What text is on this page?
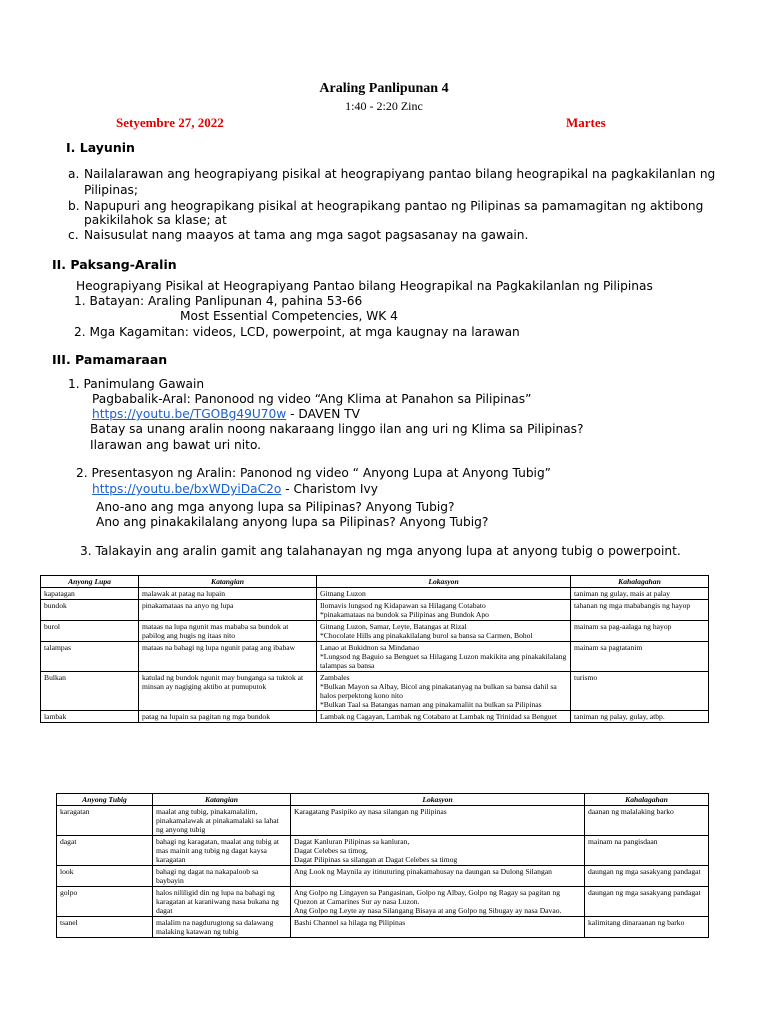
Araling Panlipunan 4
1:40 - 2:20 Zinc
Setyembre 27, 2022	Martes
I. Layunin
a. Nailalarawan ang heograpiyang pisikal at heograpiyang pantao bilang heograpikal na pagkakilanlan ng
Pilipinas;
b. Napupuri ang heograpikang pisikal at heograpikang pantao ng Pilipinas sa pamamagitan ng aktibong
pakikilahok sa klase; at
c. Naisusulat nang maayos at tama ang mga sagot pagsasanay na gawain.
II. Paksang-Aralin
Heograpiyang Pisikal at Heograpiyang Pantao bilang Heograpikal na Pagkakilanlan ng Pilipinas
1. Batayan: Araling Panlipunan 4, pahina 53-66
Most Essential Competencies, WK 4
2. Mga Kagamitan: videos, LCD, powerpoint, at mga kaugnay na larawan
III. Pamamaraan
1. Panimulang Gawain
Pagbabalik-Aral: Panonood ng video “Ang Klima at Panahon sa Pilipinas”
https://youtu.be/TGOBg49U70w - DAVEN TV
Batay sa unang aralin noong nakaraang linggo ilan ang uri ng Klima sa Pilipinas?
Ilarawan ang bawat uri nito.
2. Presentasyon ng Aralin: Panonod ng video “ Anyong Lupa at Anyong Tubig”
https://youtu.be/bxWDyiDaC2o - Charistom Ivy
Ano-ano ang mga anyong lupa sa Pilipinas? Anyong Tubig?
Ano ang pinakakilalang anyong lupa sa Pilipinas? Anyong Tubig?
3. Talakayin ang aralin gamit ang talahanayan ng mga anyong lupa at anyong tubig o powerpoint.
Anyong Lupa	Katangian	Lokasyon	Kahalagahan

kapatagan	malawak at patag na lupain	Gitnang Luzon	taniman ng gulay, mais at palay

bundok	pinakamataas na anyo ng lupa	Ilomavis lungsod ng Kidapawan sa Hilagang Cotabato
*pinakamataas na bundok sa Pilipinas ang Bundok Apo	tahanan ng mga mababangis ng hayop

burol	mataas na lupa ngunit mas mababa sa bundok at pabilog ang hugis ng itaas nito	Gitnang Luzon, Samar, Leyte, Batangas at Rizal
*Chocolate Hills ang pinakakilalang burol sa bansa sa Carmen, Bohol	mainam sa pag-aalaga ng hayop

talampas	mataas na bahagi ng lupa ngunit patag ang ibabaw	Lanao at Bukidnon sa Mindanao
*Lungsod ng Baguio sa Benguet sa Hilagang Luzon makikita ang pinakakilalang talampas sa bansa	mainam sa pagtatanim

Bulkan	katulad ng bundok ngunit may bunganga sa tuktok at minsan ay nagiging aktibo at pumuputok	Zambales
*Bulkan Mayon sa Albay, Bicol ang pinakatanyag na bulkan sa bansa dahil sa halos perpektong kono nito
*Bulkan Taal sa Batangas naman ang pinakamaliit na bulkan sa Pilipinas	turismo

lambak	patag na lupain sa pagitan ng mga bundok	Lambak ng Cagayan, Lambak ng Cotabato at Lambak ng Trinidad sa Benguet	taniman ng palay, gulay, atbp.
Anyong Tubig	Katangian	Lokasyon	Kahalagahan

karagatan	maalat ang tubig, pinakamalalim, pinakamalawak at pinakamalaki sa lahat ng anyong tubig	Karagatang Pasipiko ay nasa silangan ng Pilipinas	daanan ng malalaking barko

dagat	bahagi ng karagatan, maalat ang tubig at mas mainit ang tubig ng dagat kaysa karagatan	Dagat Kanluran Pilipinas sa kanluran,
Dagat Celebes sa timog,
Dagat Pilipinas sa silangan at Dagat Celebes sa timog	mainam na pangisdaan

look	bahagi ng dagat na nakapaloob sa baybayin	Ang Look ng Maynila ay itinuturing pinakamahusay na daungan sa Dulong Silangan	daungan ng mga sasakyang pandagat

golpo	halos nililigid din ng lupa na bahagi ng karagatan at karaniwang nasa bukana ng dagat	Ang Golpo ng Lingayen sa Pangasinan, Golpo ng Albay, Golpo ng Ragay sa pagitan ng Quezon at Camarines Sur ay nasa Luzon.
Ang Golpo ng Leyte ay nasa Silangang Bisaya at ang Golpo ng Sibugay ay nasa Davao.	daungan ng mga sasakyang pandagat

tsanel	malalim na nagdurugtong sa dalawang malaking katawan ng tubig	Bashi Channel sa hilaga ng Pilipinas	kalimitang dinaraanan ng barko
